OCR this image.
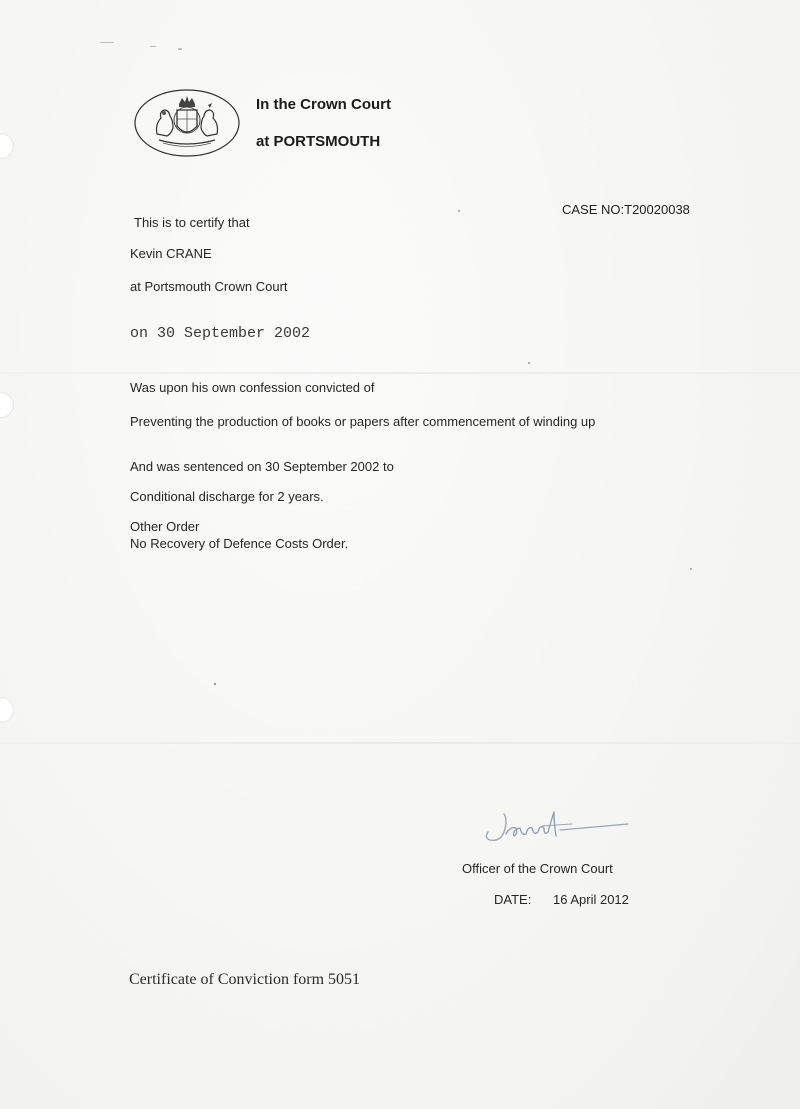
In the Crown Court
at PORTSMOUTH
CASE NO:T20020038
This is to certify that
Kevin CRANE
at Portsmouth Crown Court
on 30 September 2002
Was upon his own confession convicted of
Preventing the production of books or papers after commencement of winding up
And was sentenced on 30 September 2002 to
Conditional discharge for 2 years.
Other Order
No Recovery of Defence Costs Order.
Officer of the Crown Court
DATE: 16 April 2012
Certificate of Conviction form 5051
